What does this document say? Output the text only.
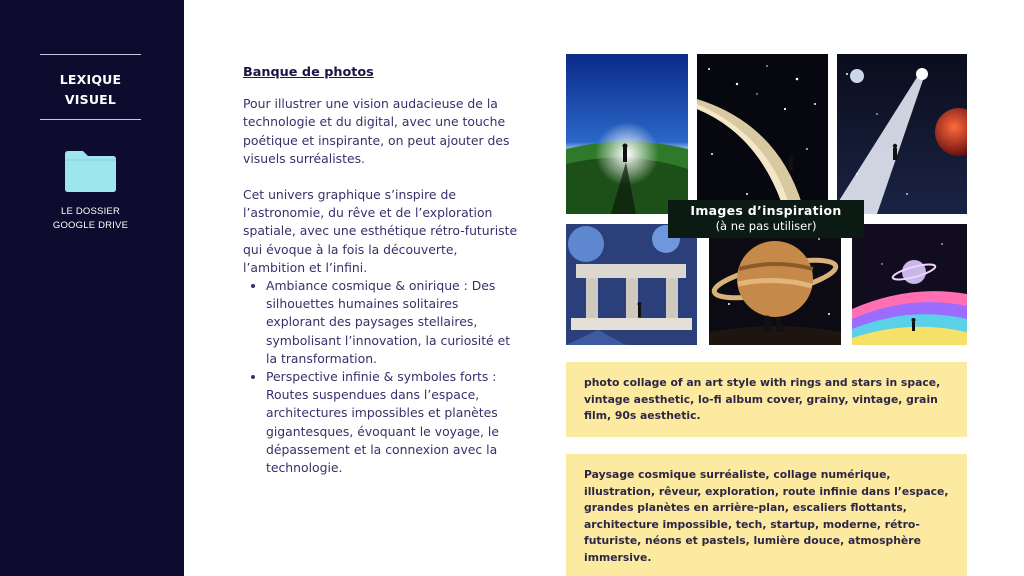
LEXIQUE
VISUEL
LE DOSSIER
GOOGLE DRIVE
Banque de photos

Pour illustrer une vision audacieuse de la technologie et du digital, avec une touche poétique et inspirante, on peut ajouter des visuels surréalistes.

Cet univers graphique s’inspire de l’astronomie, du rêve et de l’exploration spatiale, avec une esthétique rétro-futuriste qui évoque à la fois la découverte, l’ambition et l’infini.

• Ambiance cosmique & onirique : Des silhouettes humaines solitaires explorant des paysages stellaires, symbolisant l’innovation, la curiosité et la transformation.
• Perspective infinie & symboles forts : Routes suspendues dans l’espace, architectures impossibles et planètes gigantesques, évoquant le voyage, le dépassement et la connexion avec la technologie.
Images d’inspiration
(à ne pas utiliser)
photo collage of an art style with rings and stars in space, vintage aesthetic, lo-fi album cover, grainy, vintage, grain film, 90s aesthetic.
Paysage cosmique surréaliste, collage numérique, illustration, rêveur, exploration, route infinie dans l’espace, grandes planètes en arrière-plan, escaliers flottants, architecture impossible, tech, startup, moderne, rétro-futuriste, néons et pastels, lumière douce, atmosphère immersive.
